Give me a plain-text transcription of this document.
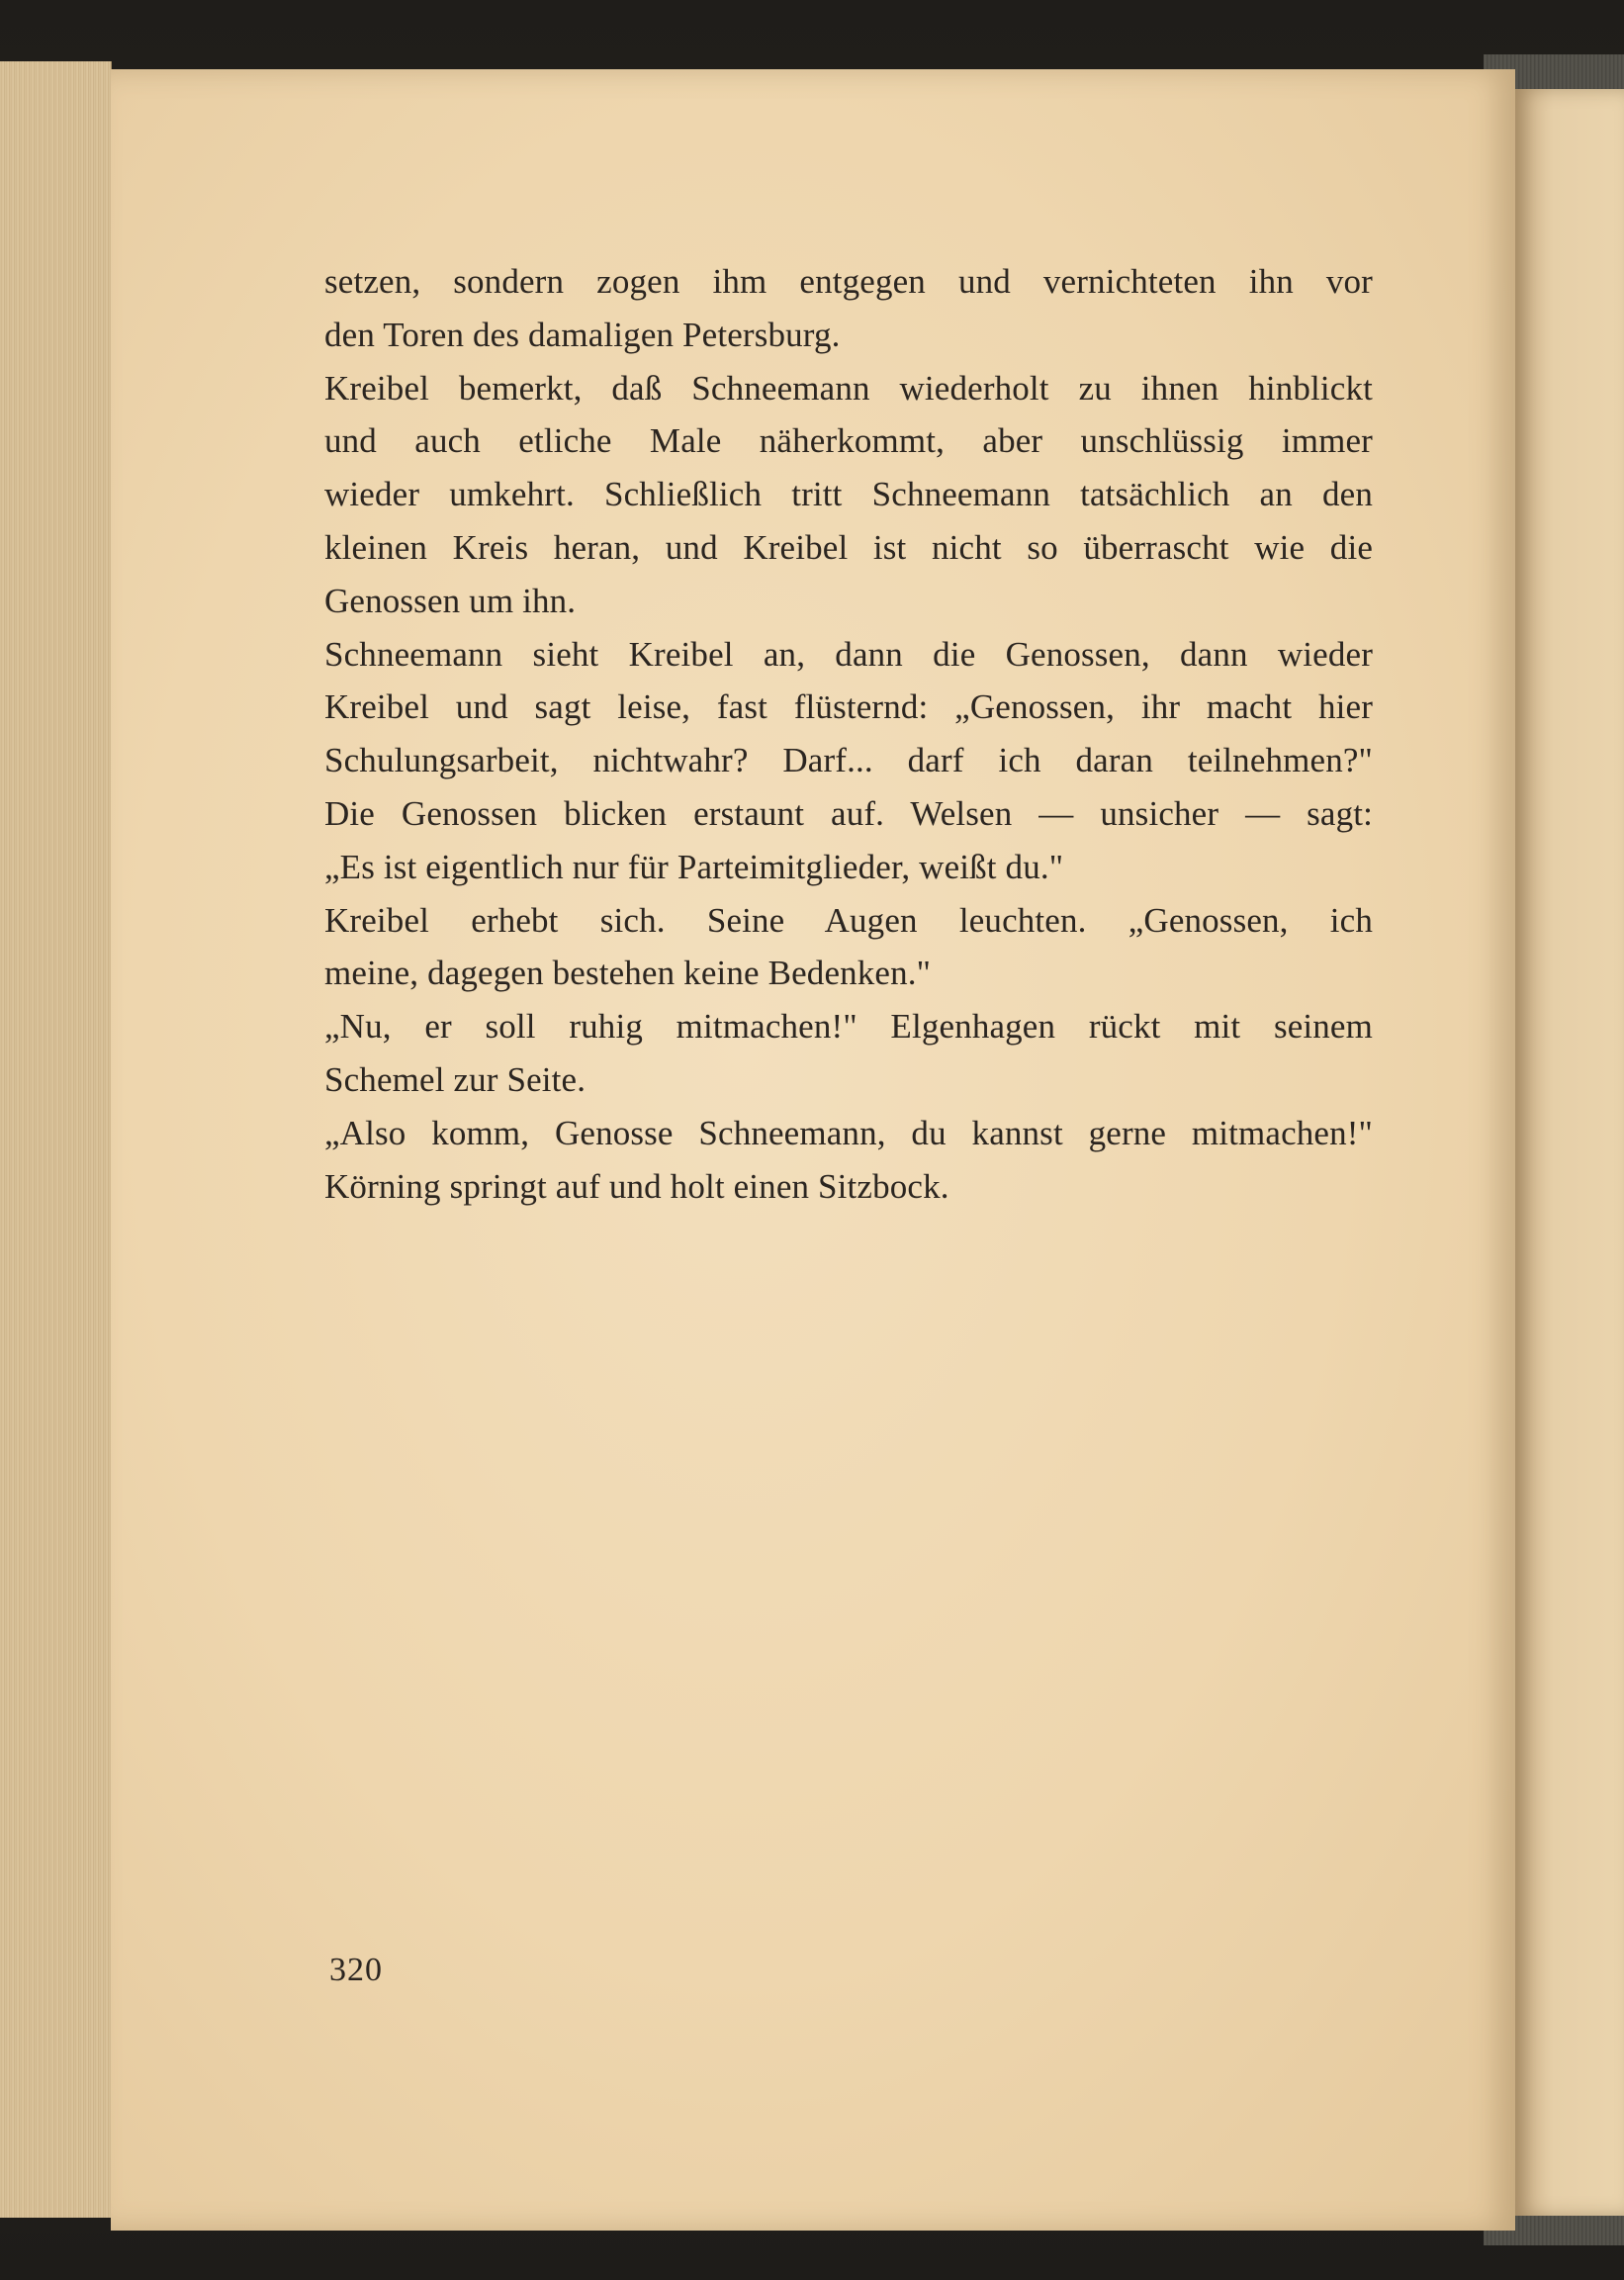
setzen, sondern zogen ihm entgegen und vernichteten ihn vor
den Toren des damaligen Petersburg.
Kreibel bemerkt, daß Schneemann wiederholt zu ihnen hinblickt
und auch etliche Male näherkommt, aber unschlüssig immer
wieder umkehrt. Schließlich tritt Schneemann tatsächlich an den
kleinen Kreis heran, und Kreibel ist nicht so überrascht wie die
Genossen um ihn.
Schneemann sieht Kreibel an, dann die Genossen, dann wieder
Kreibel und sagt leise, fast flüsternd: „Genossen, ihr macht hier
Schulungsarbeit, nichtwahr? Darf... darf ich daran teilnehmen?"
Die Genossen blicken erstaunt auf. Welsen — unsicher — sagt:
„Es ist eigentlich nur für Parteimitglieder, weißt du."
Kreibel erhebt sich. Seine Augen leuchten. „Genossen, ich
meine, dagegen bestehen keine Bedenken."
„Nu, er soll ruhig mitmachen!" Elgenhagen rückt mit seinem
Schemel zur Seite.
„Also komm, Genosse Schneemann, du kannst gerne mitmachen!"
Körning springt auf und holt einen Sitzbock.
320
